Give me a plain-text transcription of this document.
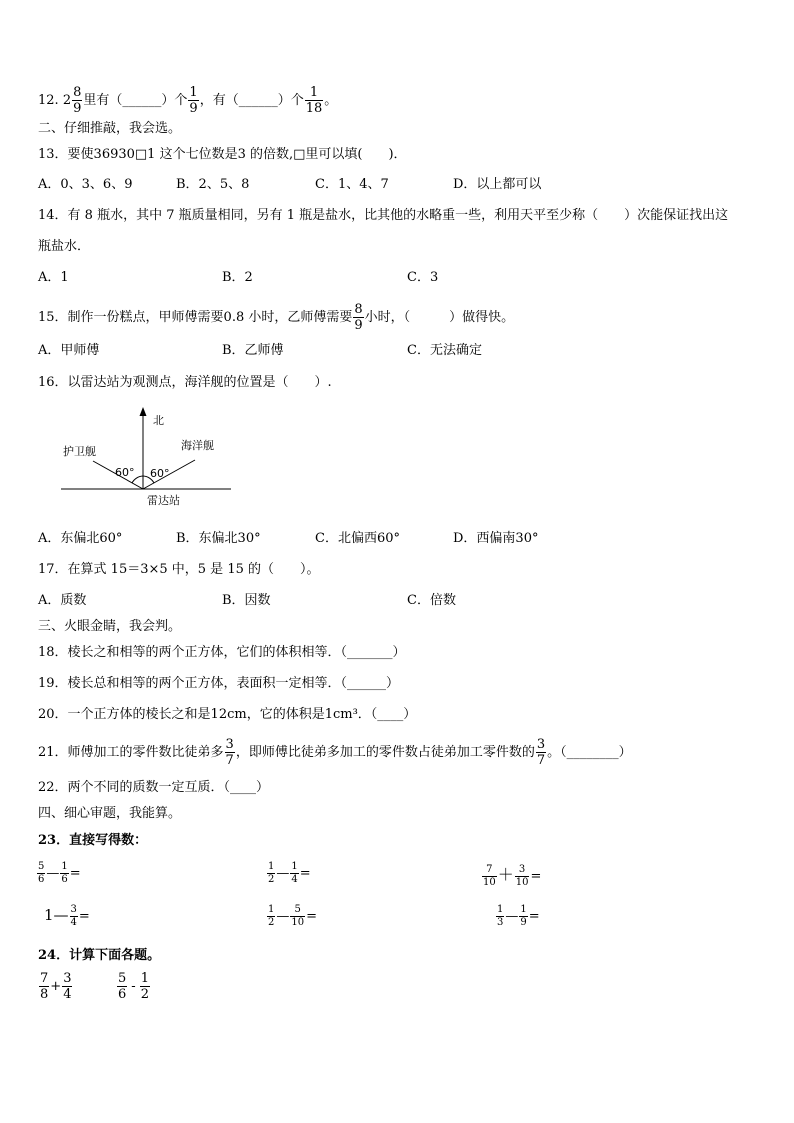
12. $2 \frac{8}{9}$ 里有（______）个 $\frac{1}{9}$ ，有（______）个 $\frac{1}{18}$ 。
二、仔细推敲，我会选。
13．要使36930□1 这个七位数是3 的倍数,□里可以填(　　)．
A．0、3、6、9	B．2、5、8	C．1、4、7	D．以上都可以
14．有 8 瓶水，其中 7 瓶质量相同，另有 1 瓶是盐水，比其他的水略重一些，利用天平至少称（　　）次能保证找出这
瓶盐水．
A．1	B．2	C．3
15．制作一份糕点，甲师傅需要0.8 小时，乙师傅需要 $\frac{8}{9}$ 小时，（　　　）做得快。
A．甲师傅	B．乙师傅	C．无法确定
16．以雷达站为观测点，海洋舰的位置是（　　）.
北
护卫舰	海洋舰
60° 60°
雷达站
A．东偏北60°	B．东偏北30°	C．北偏西60°	D．西偏南30°
17．在算式 15＝3×5 中，5 是 15 的（　　）。
A．质数	B．因数	C．倍数
三、火眼金睛，我会判。
18．棱长之和相等的两个正方体，它们的体积相等．（_______）
19．棱长总和相等的两个正方体，表面积一定相等．（______）
20．一个正方体的棱长之和是12cm，它的体积是1cm³．（____）
21．师傅加工的零件数比徒弟多 $\frac{3}{7}$ ，即师傅比徒弟多加工的零件数占徒弟加工零件数的 $\frac{3}{7}$ 。（________）
22．两个不同的质数一定互质．（____）
四、细心审题，我能算。
23．直接写得数：
$\frac{5}{6}$ — $\frac{1}{6}$ =	$\frac{1}{2}$ — $\frac{1}{4}$ =	$\frac{7}{10} + \frac{3}{10}$ =
1— $\frac{3}{4}$ =	$\frac{1}{2}$ — $\frac{5}{10}$ =	$\frac{1}{3}$ — $\frac{1}{9}$ =
24．计算下面各题。
$\frac{7}{8} + \frac{3}{4}$	$\frac{5}{6} - \frac{1}{2}$
